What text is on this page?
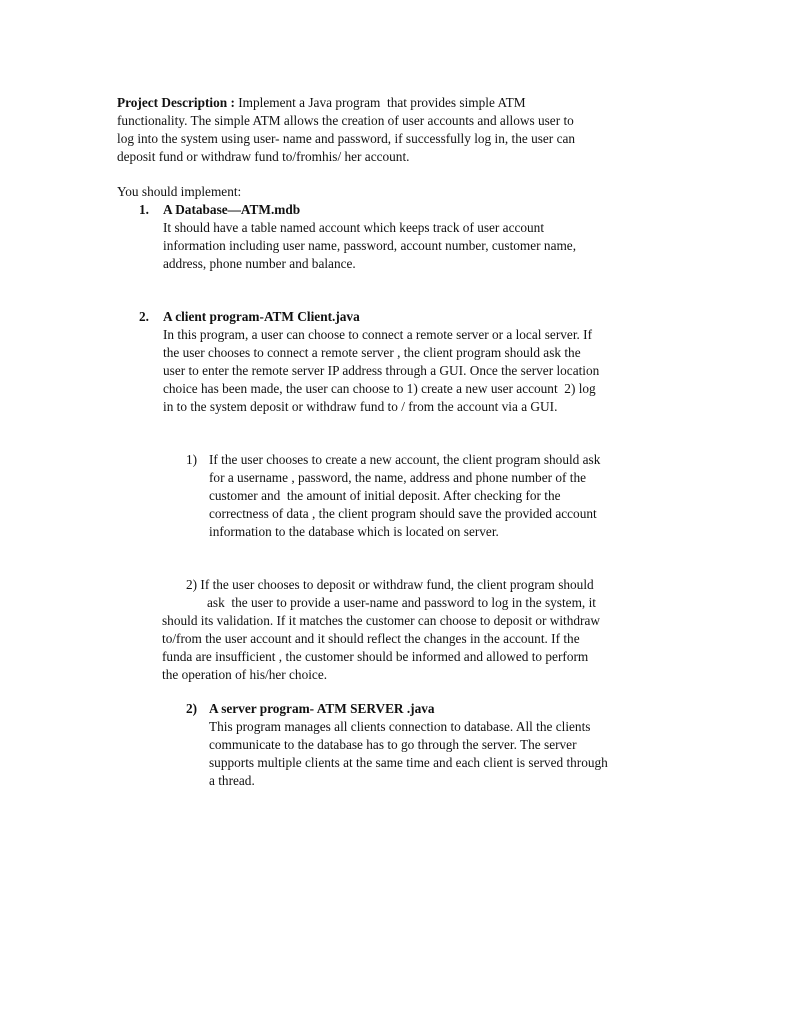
Project Description : Implement a Java program  that provides simple ATM
functionality. The simple ATM allows the creation of user accounts and allows user to
log into the system using user- name and password, if successfully log in, the user can
deposit fund or withdraw fund to/fromhis/ her account.
You should implement:
1. A Database—ATM.mdb
It should have a table named account which keeps track of user account
information including user name, password, account number, customer name,
address, phone number and balance.
2. A client program-ATM Client.java
In this program, a user can choose to connect a remote server or a local server. If
the user chooses to connect a remote server , the client program should ask the
user to enter the remote server IP address through a GUI. Once the server location
choice has been made, the user can choose to 1) create a new user account  2) log
in to the system deposit or withdraw fund to / from the account via a GUI.
1) If the user chooses to create a new account, the client program should ask
for a username , password, the name, address and phone number of the
customer and  the amount of initial deposit. After checking for the
correctness of data , the client program should save the provided account
information to the database which is located on server.
2) If the user chooses to deposit or withdraw fund, the client program should
ask  the user to provide a user-name and password to log in the system, it
should its validation. If it matches the customer can choose to deposit or withdraw
to/from the user account and it should reflect the changes in the account. If the
funda are insufficient , the customer should be informed and allowed to perform
the operation of his/her choice.
2) A server program- ATM SERVER .java
This program manages all clients connection to database. All the clients
communicate to the database has to go through the server. The server
supports multiple clients at the same time and each client is served through
a thread.
